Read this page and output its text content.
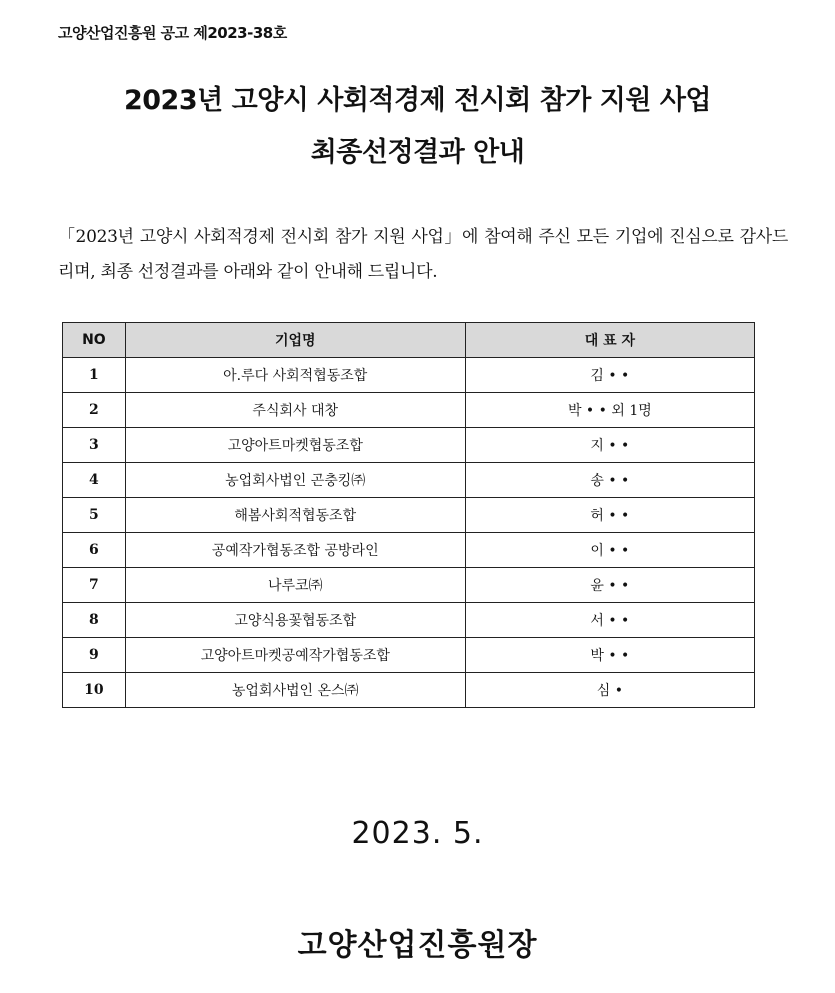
고양산업진흥원 공고 제2023-38호
2023년 고양시 사회적경제 전시회 참가 지원 사업
최종선정결과 안내
「2023년 고양시 사회적경제 전시회 참가 지원 사업」에 참여해 주신 모든 기업에 진심으로 감사드리며, 최종 선정결과를 아래와 같이 안내해 드립니다.
NO	기업명	대 표 자
1	아.루다 사회적협동조합	김 • •
2	주식회사 대창	박 • • 외 1명
3	고양아트마켓협동조합	지 • •
4	농업회사법인 곤충킹㈜	송 • •
5	해봄사회적협동조합	허 • •
6	공예작가협동조합 공방라인	이 • •
7	나루코㈜	윤 • •
8	고양식용꽃협동조합	서 • •
9	고양아트마켓공예작가협동조합	박 • •
10	농업회사법인 온스㈜	심 •
2023. 5.
고양산업진흥원장
